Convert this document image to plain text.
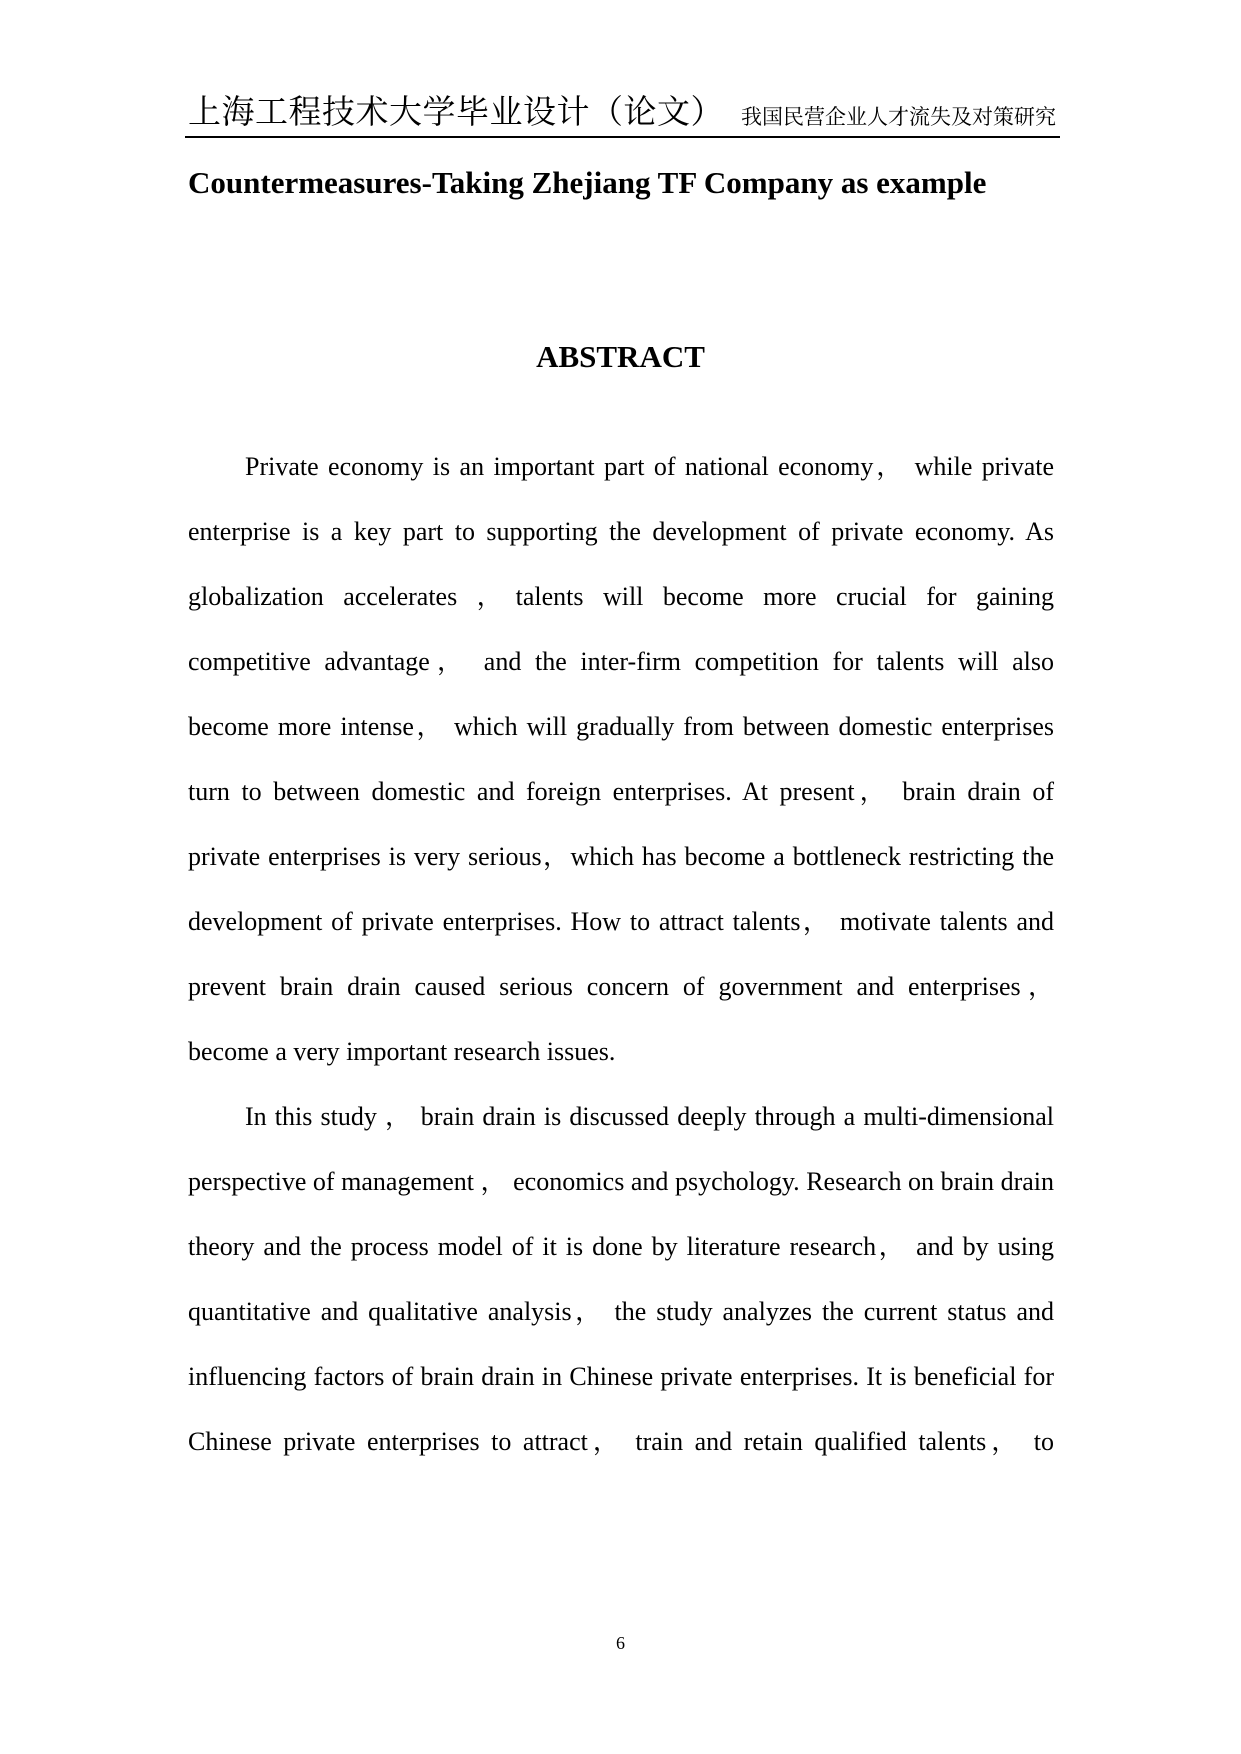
上海工程技术大学毕业设计（论文） 我国民营企业人才流失及对策研究
Countermeasures-Taking Zhejiang TF Company as example
ABSTRACT

Private economy is an important part of national economy， while private enterprise is a key part to supporting the development of private economy. As globalization accelerates ，talents will become more crucial for gaining competitive advantage， and the inter-firm competition for talents will also become more intense， which will gradually from between domestic enterprises turn to between domestic and foreign enterprises. At present， brain drain of private enterprises is very serious，which has become a bottleneck restricting the development of private enterprises. How to attract talents， motivate talents and prevent brain drain caused serious concern of government and enterprises， become a very important research issues.

In this study ， brain drain is discussed deeply through a multi-dimensional perspective of management ， economics and psychology. Research on brain drain theory and the process model of it is done by literature research， and by using quantitative and qualitative analysis， the study analyzes the current status and influencing factors of brain drain in Chinese private enterprises. It is beneficial for Chinese private enterprises to attract， train and retain qualified talents， to

6
